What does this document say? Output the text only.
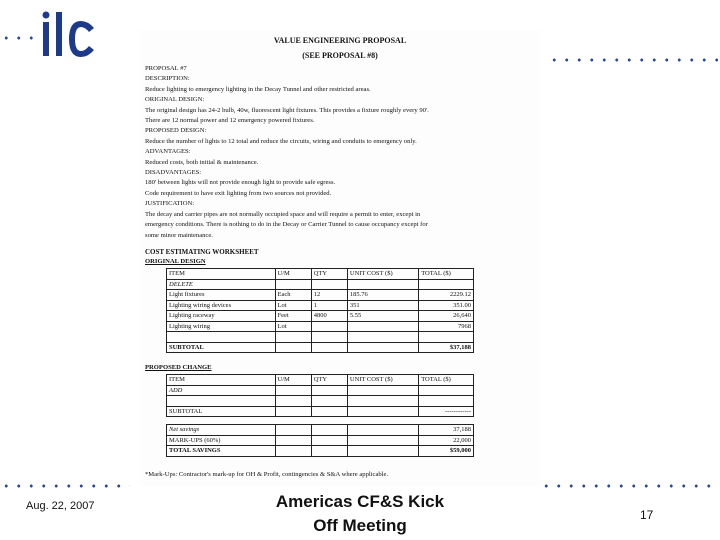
VALUE ENGINEERING PROPOSAL
(SEE PROPOSAL #8)
PROPOSAL #7
DESCRIPTION:
Reduce lighting to emergency lighting in the Decay Tunnel and other restricted areas.
ORIGINAL DESIGN:
The original design has 24-2 bulb, 40w, fluorescent light fixtures. This provides a fixture roughly every 90'.
There are 12 normal power and 12 emergency powered fixtures.
PROPOSED DESIGN:
Reduce the number of lights to 12 total and reduce the circuits, wiring and conduits to emergency only.
ADVANTAGES:
Reduced costs, both initial & maintenance.
DISADVANTAGES:
180' between lights will not provide enough light to provide safe egress.
Code requirement to have exit lighting from two sources not provided.
JUSTIFICATION:
The decay and carrier pipes are not normally occupied space and will require a permit to enter, except in
emergency conditions. There is nothing to do in the Decay or Carrier Tunnel to cause occupancy except for
some minor maintenance.
COST ESTIMATING WORKSHEET
ORIGINAL DESIGN
ITEM	U/M	QTY	UNIT COST ($)	TOTAL ($)
DELETE				
Light fixtures	Each	12	185.76	2229.12
Lighting wiring devices	Lot	1	351	351.00
Lighting raceway	Feet	4800	5.55	26,640
Lighting wiring	Lot			7968

SUBTOTAL				$37,188
PROPOSED CHANGE
ITEM	U/M	QTY	UNIT COST ($)	TOTAL ($)
ADD				

SUBTOTAL				------------
Net savings				37,188
MARK-UPS (60%)				22,000
TOTAL SAVINGS				$59,000
*Mark-Ups: Contractor's mark-up for OH & Profit, contingencies & S&A where applicable.
Aug. 22, 2007	Americas CF&S Kick
Off Meeting
17
